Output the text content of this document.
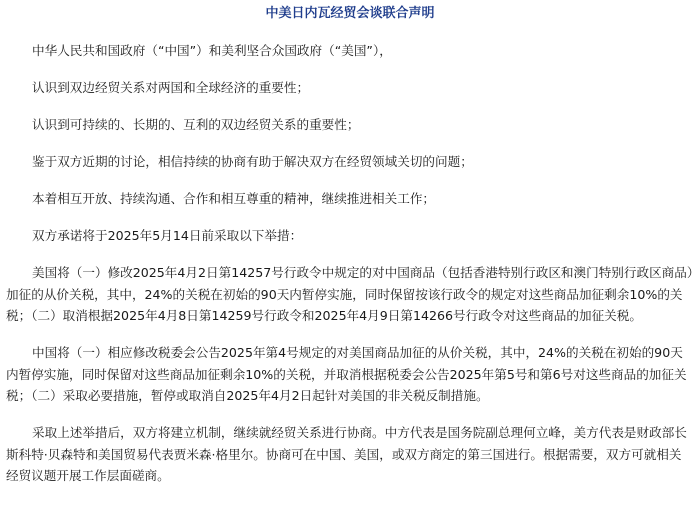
中美日内瓦经贸会谈联合声明

中华人民共和国政府（“中国”）和美利坚合众国政府（“美国”），

认识到双边经贸关系对两国和全球经济的重要性；

认识到可持续的、长期的、互利的双边经贸关系的重要性；

鉴于双方近期的讨论，相信持续的协商有助于解决双方在经贸领域关切的问题；

本着相互开放、持续沟通、合作和相互尊重的精神，继续推进相关工作；

双方承诺将于2025年5月14日前采取以下举措：

美国将（一）修改2025年4月2日第14257号行政令中规定的对中国商品（包括香港特别行政区和澳门特别行政区商品）加征的从价关税，其中，24%的关税在初始的90天内暂停实施，同时保留按该行政令的规定对这些商品加征剩余10%的关税；（二）取消根据2025年4月8日第14259号行政令和2025年4月9日第14266号行政令对这些商品的加征关税。

中国将（一）相应修改税委会公告2025年第4号规定的对美国商品加征的从价关税，其中，24%的关税在初始的90天内暂停实施，同时保留对这些商品加征剩余10%的关税，并取消根据税委会公告2025年第5号和第6号对这些商品的加征关税；（二）采取必要措施，暂停或取消自2025年4月2日起针对美国的非关税反制措施。

采取上述举措后，双方将建立机制，继续就经贸关系进行协商。中方代表是国务院副总理何立峰，美方代表是财政部长斯科特·贝森特和美国贸易代表贾米森·格里尔。协商可在中国、美国，或双方商定的第三国进行。根据需要，双方可就相关经贸议题开展工作层面磋商。
